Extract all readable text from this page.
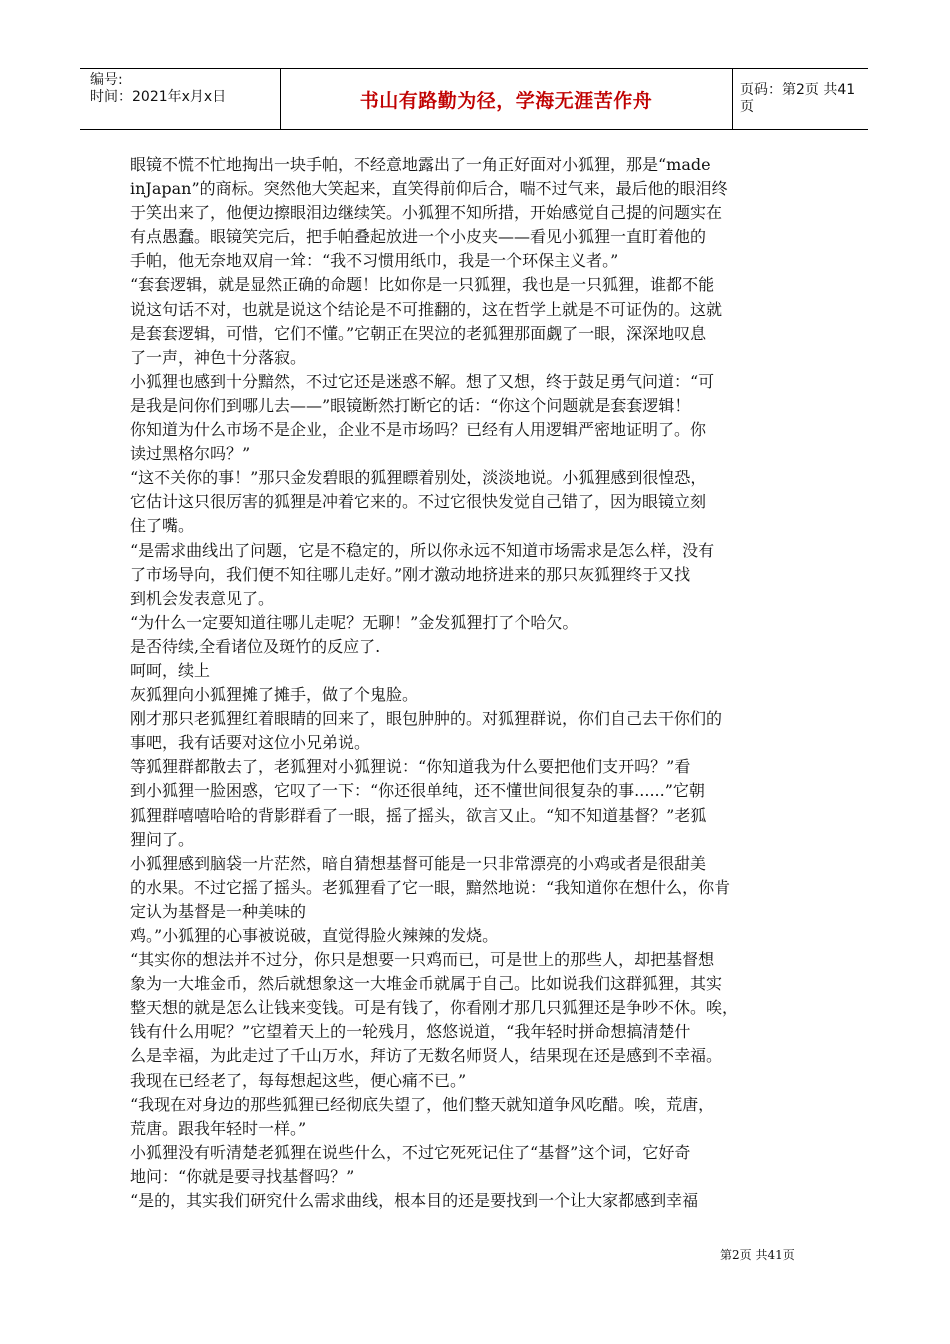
编号:
时间：2021年x月x日	书山有路勤为径，学海无涯苦作舟	页码：第2页 共41页
眼镜不慌不忙地掏出一块手帕，不经意地露出了一角正好面对小狐狸，那是“made
inJapan”的商标。突然他大笑起来，直笑得前仰后合，喘不过气来，最后他的眼泪终
于笑出来了，他便边擦眼泪边继续笑。小狐狸不知所措，开始感觉自己提的问题实在
有点愚蠢。眼镜笑完后，把手帕叠起放进一个小皮夹——看见小狐狸一直盯着他的
手帕，他无奈地双肩一耸：“我不习惯用纸巾，我是一个环保主义者。”
“套套逻辑，就是显然正确的命题！比如你是一只狐狸，我也是一只狐狸，谁都不能
说这句话不对，也就是说这个结论是不可推翻的，这在哲学上就是不可证伪的。这就
是套套逻辑，可惜，它们不懂。”它朝正在哭泣的老狐狸那面觑了一眼，深深地叹息
了一声，神色十分落寂。
小狐狸也感到十分黯然，不过它还是迷惑不解。想了又想，终于鼓足勇气问道：“可
是我是问你们到哪儿去——”眼镜断然打断它的话：“你这个问题就是套套逻辑！
你知道为什么市场不是企业，企业不是市场吗？已经有人用逻辑严密地证明了。你
读过黑格尔吗？”
“这不关你的事！”那只金发碧眼的狐狸瞟着别处，淡淡地说。小狐狸感到很惶恐，
它估计这只很厉害的狐狸是冲着它来的。不过它很快发觉自己错了，因为眼镜立刻
住了嘴。
“是需求曲线出了问题，它是不稳定的，所以你永远不知道市场需求是怎么样，没有
了市场导向，我们便不知往哪儿走好。”刚才激动地挤进来的那只灰狐狸终于又找
到机会发表意见了。
“为什么一定要知道往哪儿走呢？无聊！”金发狐狸打了个哈欠。
是否待续,全看诸位及斑竹的反应了.
呵呵，续上
灰狐狸向小狐狸摊了摊手，做了个鬼脸。
刚才那只老狐狸红着眼睛的回来了，眼包肿肿的。对狐狸群说，你们自己去干你们的
事吧，我有话要对这位小兄弟说。
等狐狸群都散去了，老狐狸对小狐狸说：“你知道我为什么要把他们支开吗？”看
到小狐狸一脸困惑，它叹了一下：“你还很单纯，还不懂世间很复杂的事......”它朝
狐狸群嘻嘻哈哈的背影群看了一眼，摇了摇头，欲言又止。“知不知道基督？”老狐
狸问了。
小狐狸感到脑袋一片茫然，暗自猜想基督可能是一只非常漂亮的小鸡或者是很甜美
的水果。不过它摇了摇头。老狐狸看了它一眼，黯然地说：“我知道你在想什么，你肯
定认为基督是一种美味的
鸡。”小狐狸的心事被说破，直觉得脸火辣辣的发烧。
“其实你的想法并不过分，你只是想要一只鸡而已，可是世上的那些人，却把基督想
象为一大堆金币，然后就想象这一大堆金币就属于自己。比如说我们这群狐狸，其实
整天想的就是怎么让钱来变钱。可是有钱了，你看刚才那几只狐狸还是争吵不休。唉，
钱有什么用呢？”它望着天上的一轮残月，悠悠说道，“我年轻时拼命想搞清楚什
么是幸福，为此走过了千山万水，拜访了无数名师贤人，结果现在还是感到不幸福。
我现在已经老了，每每想起这些，便心痛不已。”
“我现在对身边的那些狐狸已经彻底失望了，他们整天就知道争风吃醋。唉，荒唐，
荒唐。跟我年轻时一样。”
小狐狸没有听清楚老狐狸在说些什么，不过它死死记住了“基督”这个词，它好奇
地问：“你就是要寻找基督吗？”
“是的，其实我们研究什么需求曲线，根本目的还是要找到一个让大家都感到幸福
第2页 共41页
